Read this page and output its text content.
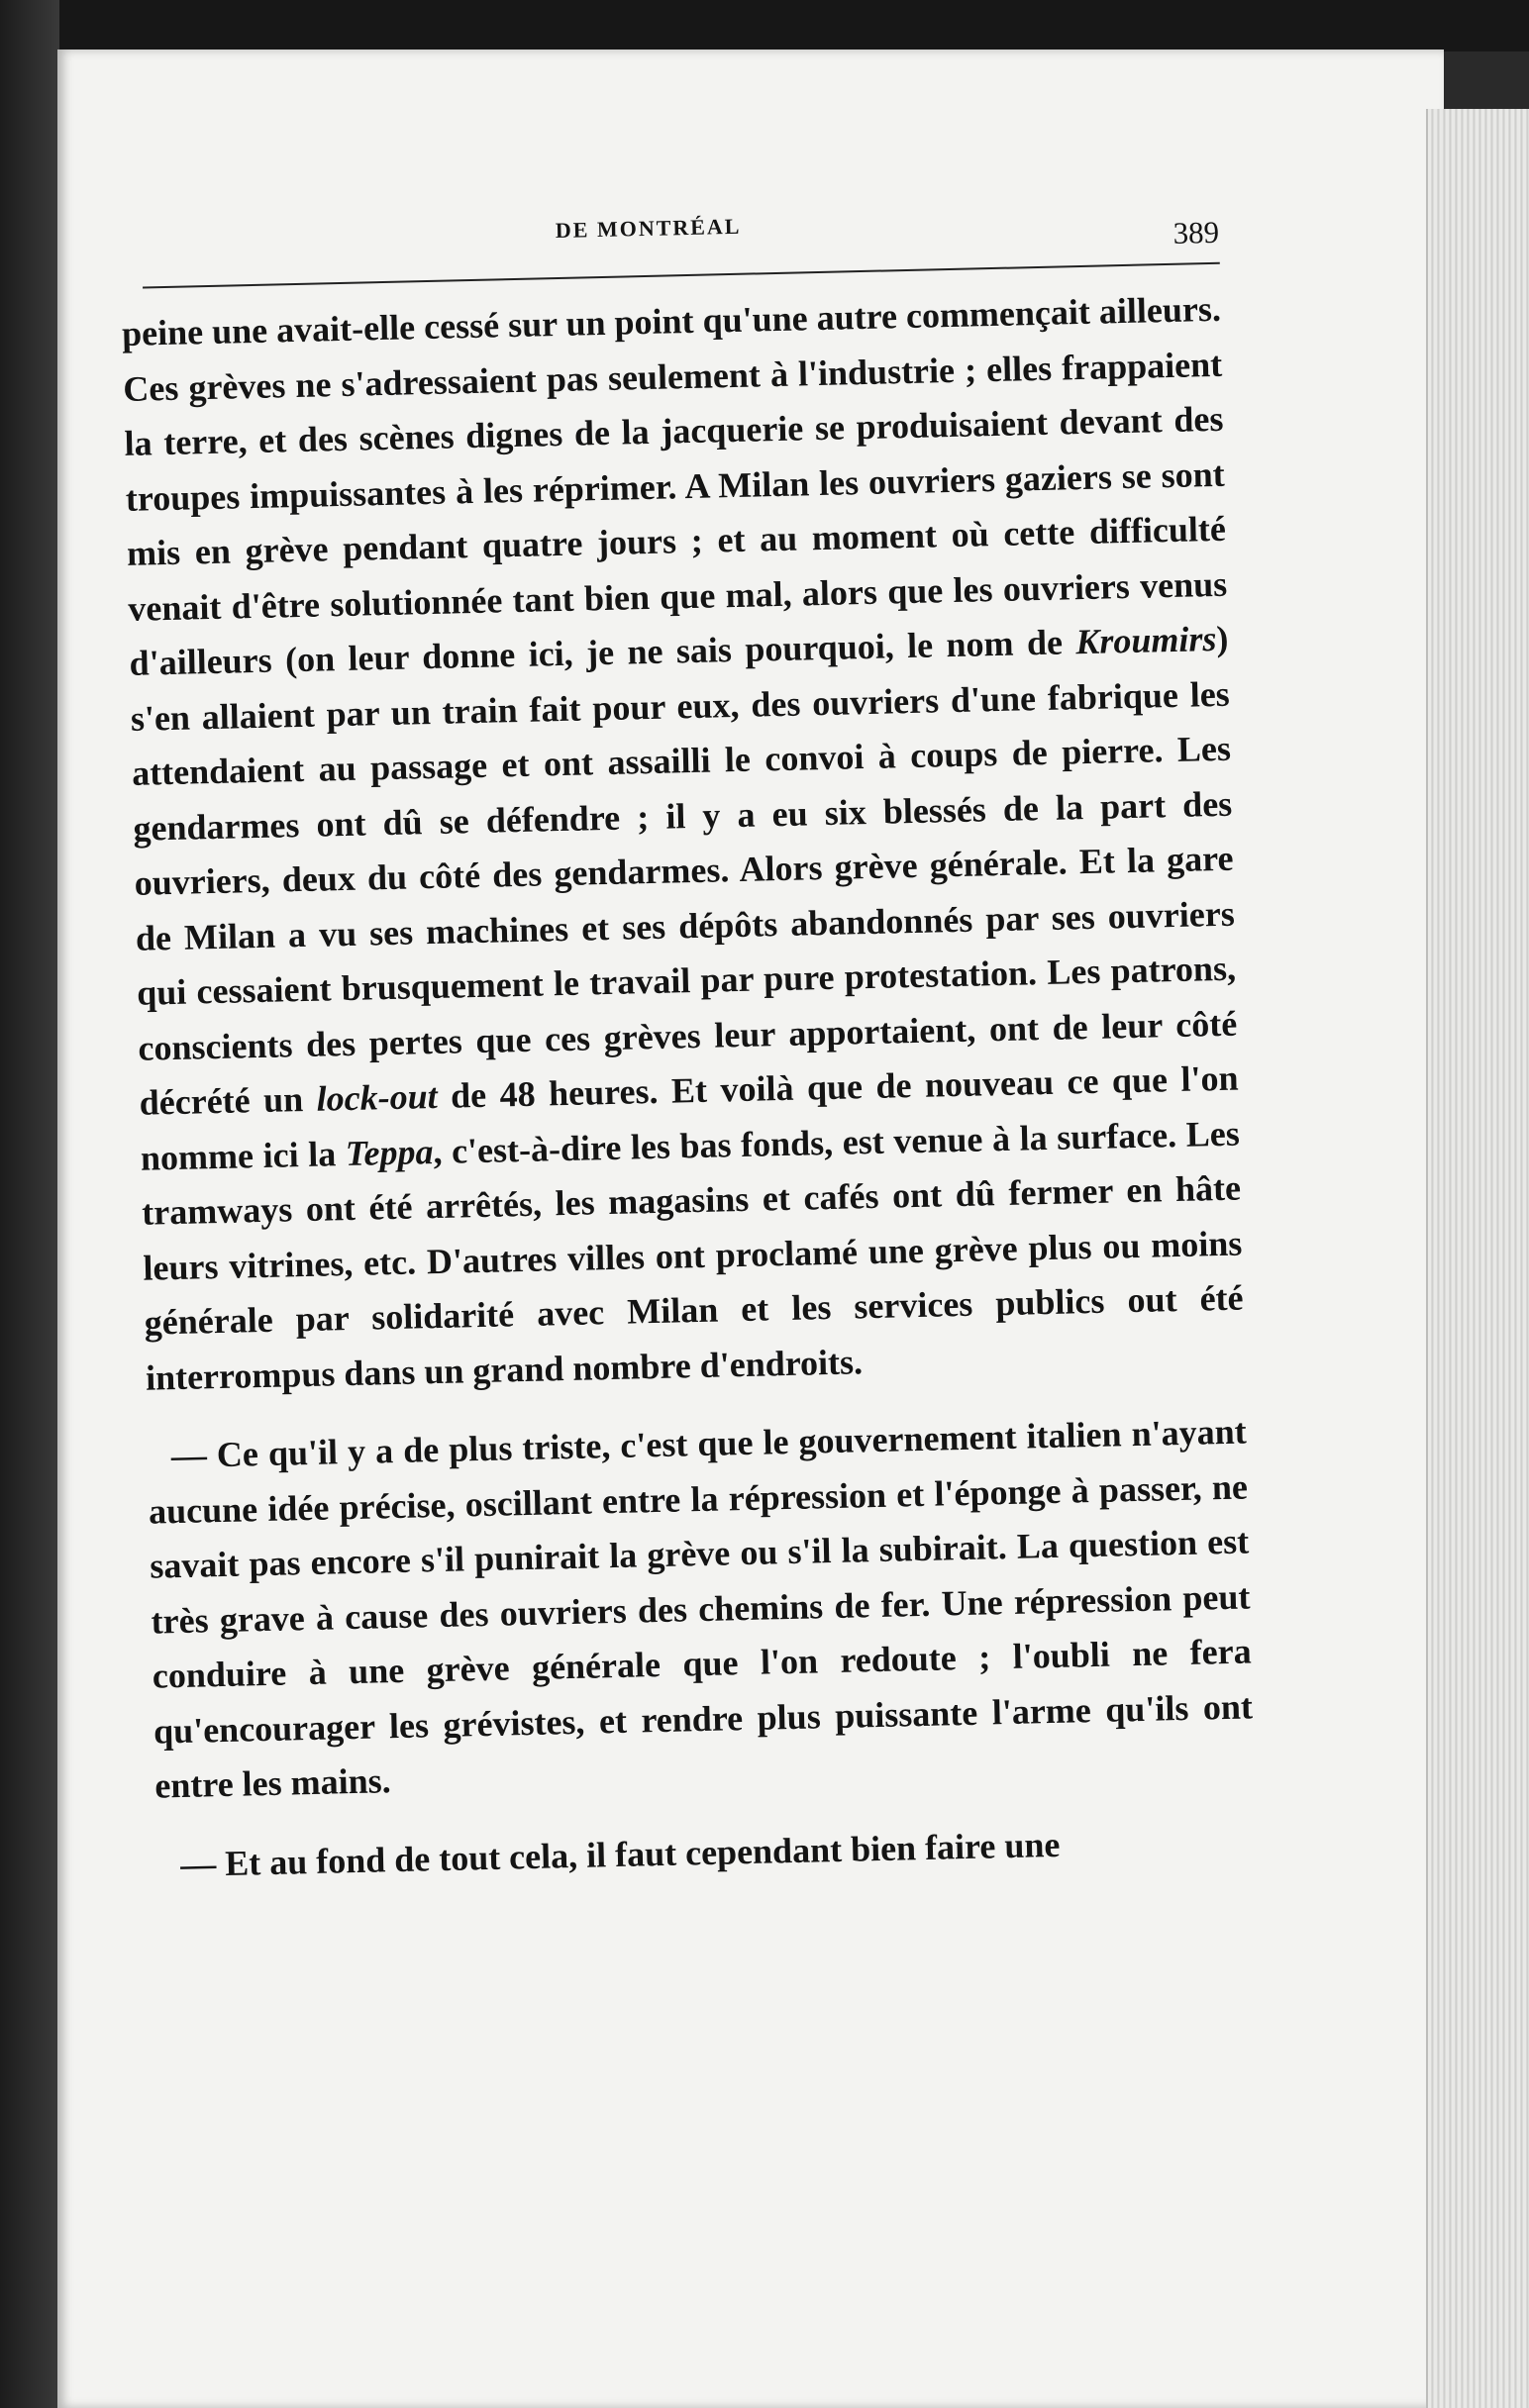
DE MONTRÉAL	389

peine une avait-elle cessé sur un point qu'une autre commençait ailleurs. Ces grèves ne s'adressaient pas seulement à l'industrie ; elles frappaient la terre, et des scènes dignes de la jacquerie se produisaient devant des troupes impuissantes à les réprimer. A Milan les ouvriers gaziers se sont mis en grève pendant quatre jours ; et au moment où cette difficulté venait d'être solutionnée tant bien que mal, alors que les ouvriers venus d'ailleurs (on leur donne ici, je ne sais pourquoi, le nom de Kroumirs) s'en allaient par un train fait pour eux, des ouvriers d'une fabrique les attendaient au passage et ont assailli le convoi à coups de pierre. Les gendarmes ont dû se défendre ; il y a eu six blessés de la part des ouvriers, deux du côté des gendarmes. Alors grève générale. Et la gare de Milan a vu ses machines et ses dépôts abandonnés par ses ouvriers qui cessaient brusquement le travail par pure protestation. Les patrons, conscients des pertes que ces grèves leur apportaient, ont de leur côté décrété un lock-out de 48 heures. Et voilà que de nouveau ce que l'on nomme ici la Teppa, c'est-à-dire les bas fonds, est venue à la surface. Les tramways ont été arrêtés, les magasins et cafés ont dû fermer en hâte leurs vitrines, etc. D'autres villes ont proclamé une grève plus ou moins générale par solidarité avec Milan et les services publics out été interrompus dans un grand nombre d'endroits.

— Ce qu'il y a de plus triste, c'est que le gouvernement italien n'ayant aucune idée précise, oscillant entre la répression et l'éponge à passer, ne savait pas encore s'il punirait la grève ou s'il la subirait. La question est très grave à cause des ouvriers des chemins de fer. Une répression peut conduire à une grève générale que l'on redoute ; l'oubli ne fera qu'encourager les grévistes, et rendre plus puissante l'arme qu'ils ont entre les mains.

— Et au fond de tout cela, il faut cependant bien faire une
